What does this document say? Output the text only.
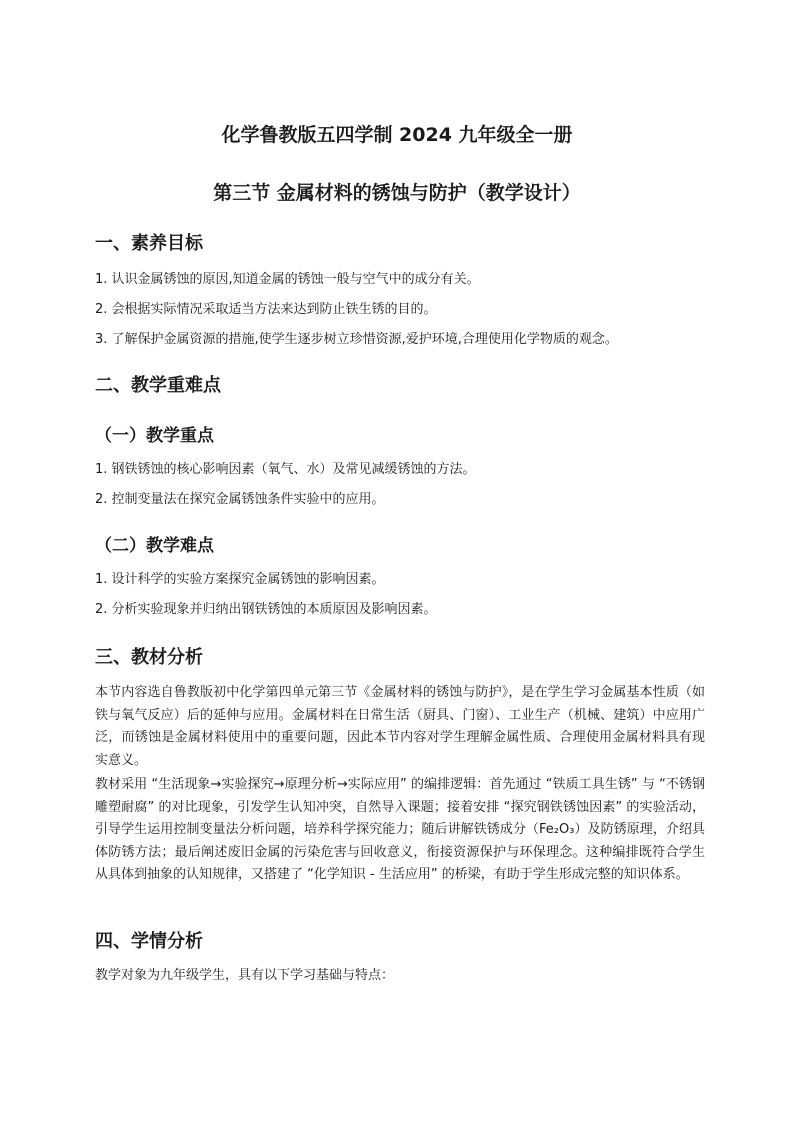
化学鲁教版五四学制 2024 九年级全一册
第三节 金属材料的锈蚀与防护（教学设计）
一、素养目标
1. 认识金属锈蚀的原因,知道金属的锈蚀一般与空气中的成分有关。
2. 会根据实际情况采取适当方法来达到防止铁生锈的目的。
3. 了解保护金属资源的措施,使学生逐步树立珍惜资源,爱护环境,合理使用化学物质的观念。
二、教学重难点
（一）教学重点
1. 钢铁锈蚀的核心影响因素（氧气、水）及常见减缓锈蚀的方法。
2. 控制变量法在探究金属锈蚀条件实验中的应用。
（二）教学难点
1. 设计科学的实验方案探究金属锈蚀的影响因素。
2. 分析实验现象并归纳出钢铁锈蚀的本质原因及影响因素。
三、教材分析

本节内容选自鲁教版初中化学第四单元第三节《金属材料的锈蚀与防护》，是在学生学习金属基本性质（如铁与氧气反应）后的延伸与应用。金属材料在日常生活（厨具、门窗）、工业生产（机械、建筑）中应用广泛，而锈蚀是金属材料使用中的重要问题，因此本节内容对学生理解金属性质、合理使用金属材料具有现实意义。

教材采用 “生活现象→实验探究→原理分析→实际应用” 的编排逻辑：首先通过 “铁质工具生锈” 与 “不锈钢雕塑耐腐” 的对比现象，引发学生认知冲突，自然导入课题；接着安排 “探究钢铁锈蚀因素” 的实验活动，引导学生运用控制变量法分析问题，培养科学探究能力；随后讲解铁锈成分（Fe₂O₃）及防锈原理，介绍具体防锈方法；最后阐述废旧金属的污染危害与回收意义，衔接资源保护与环保理念。这种编排既符合学生从具体到抽象的认知规律，又搭建了 “化学知识 - 生活应用” 的桥梁，有助于学生形成完整的知识体系。

四、学情分析
教学对象为九年级学生，具有以下学习基础与特点：
